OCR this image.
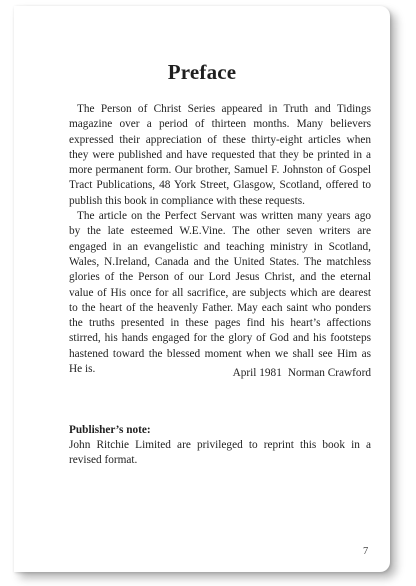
Preface

The Person of Christ Series appeared in Truth and Tidings magazine over a period of thirteen months. Many believers expressed their appreciation of these thirty-eight articles when they were published and have requested that they be printed in a more permanent form. Our brother, Samuel F. Johnston of Gospel Tract Publications, 48 York Street, Glasgow, Scotland, offered to publish this book in compliance with these requests.

The article on the Perfect Servant was written many years ago by the late esteemed W.E.Vine. The other seven writers are engaged in an evangelistic and teaching ministry in Scotland, Wales, N.Ireland, Canada and the United States. The matchless glories of the Person of our Lord Jesus Christ, and the eternal value of His once for all sacrifice, are subjects which are dearest to the heart of the heavenly Father. May each saint who ponders the truths presented in these pages find his heart’s affections stirred, his hands engaged for the glory of God and his footsteps hastened toward the blessed moment when we shall see Him as He is.	April 1981 Norman Crawford

Publisher’s note:

John Ritchie Limited are privileged to reprint this book in a revised format.

7
